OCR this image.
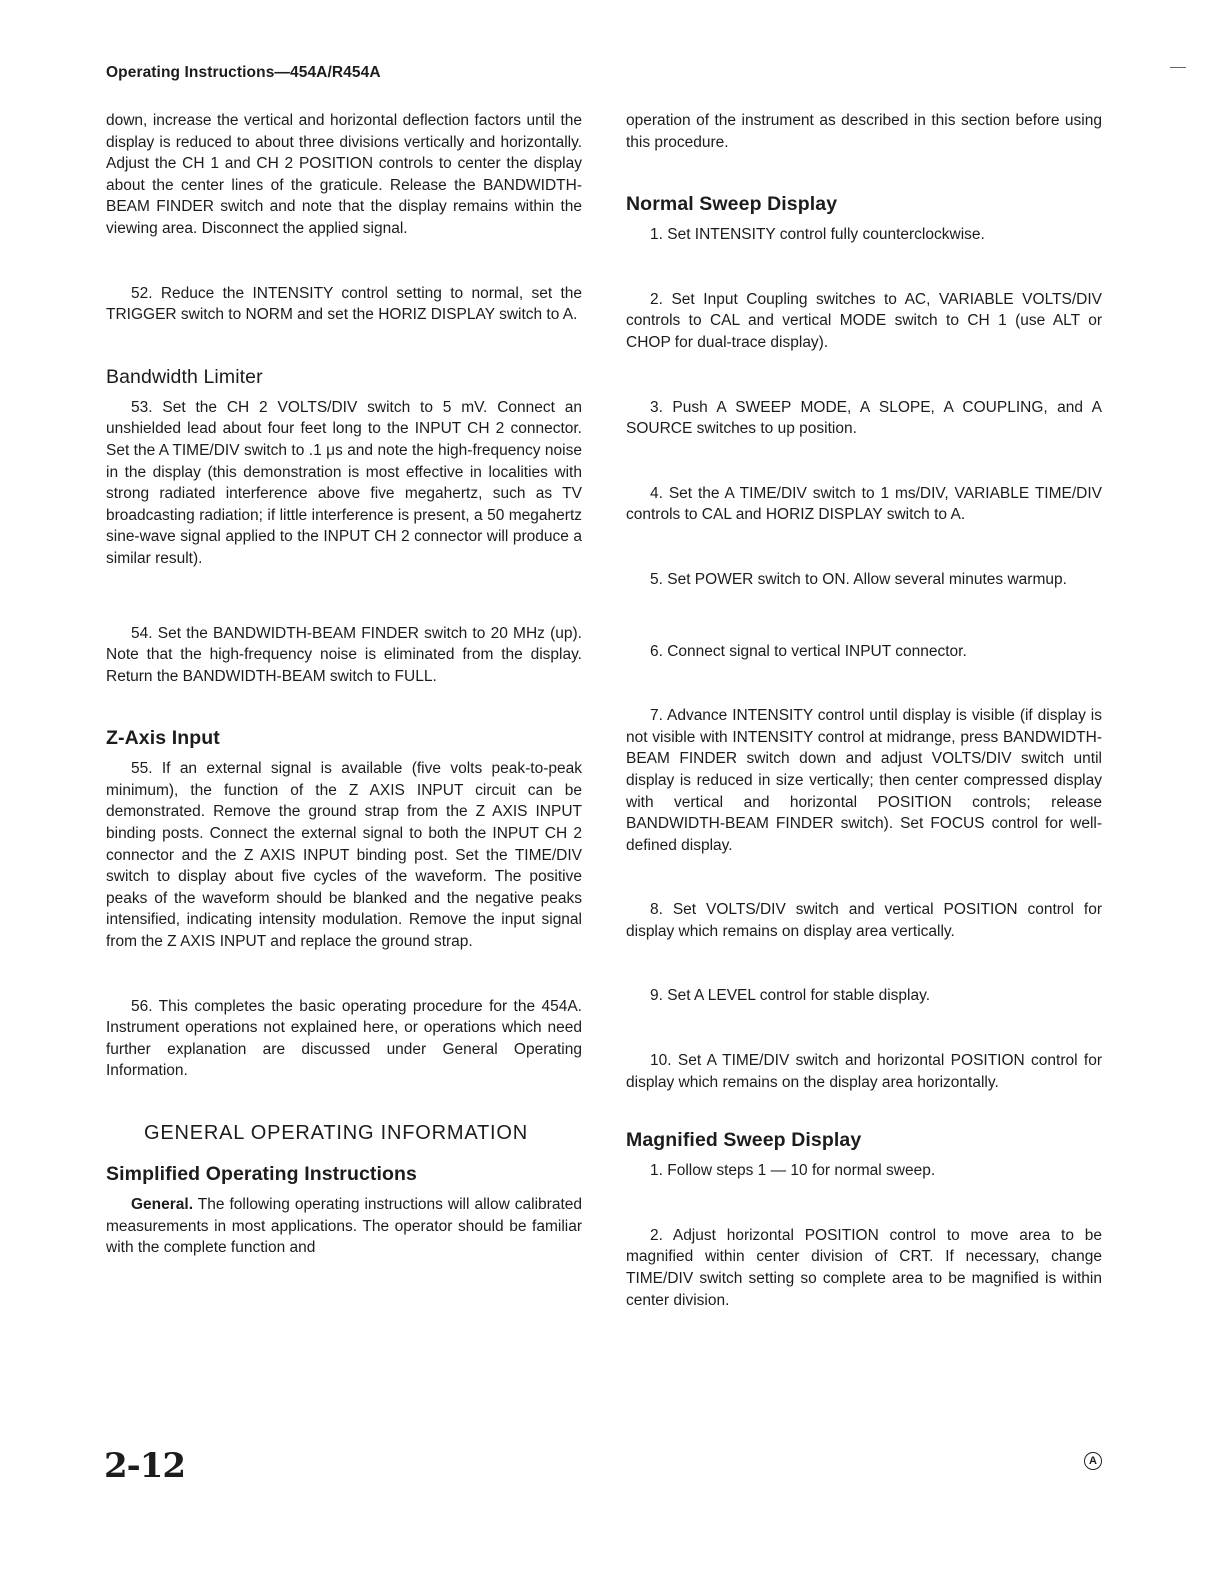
Operating Instructions—454A/R454A

down, increase the vertical and horizontal deflection factors until the display is reduced to about three divisions vertically and horizontally. Adjust the CH 1 and CH 2 POSITION controls to center the display about the center lines of the graticule. Release the BANDWIDTH-BEAM FINDER switch and note that the display remains within the viewing area. Disconnect the applied signal.

52. Reduce the INTENSITY control setting to normal, set the TRIGGER switch to NORM and set the HORIZ DISPLAY switch to A.

Bandwidth Limiter

53. Set the CH 2 VOLTS/DIV switch to 5 mV. Connect an unshielded lead about four feet long to the INPUT CH 2 connector. Set the A TIME/DIV switch to .1 μs and note the high-frequency noise in the display (this demonstration is most effective in localities with strong radiated interference above five megahertz, such as TV broadcasting radiation; if little interference is present, a 50 megahertz sine-wave signal applied to the INPUT CH 2 connector will produce a similar result).

54. Set the BANDWIDTH-BEAM FINDER switch to 20 MHz (up). Note that the high-frequency noise is eliminated from the display. Return the BANDWIDTH-BEAM switch to FULL.

Z-Axis Input

55. If an external signal is available (five volts peak-to-peak minimum), the function of the Z AXIS INPUT circuit can be demonstrated. Remove the ground strap from the Z AXIS INPUT binding posts. Connect the external signal to both the INPUT CH 2 connector and the Z AXIS INPUT binding post. Set the TIME/DIV switch to display about five cycles of the waveform. The positive peaks of the waveform should be blanked and the negative peaks intensified, indicating intensity modulation. Remove the input signal from the Z AXIS INPUT and replace the ground strap.

56. This completes the basic operating procedure for the 454A. Instrument operations not explained here, or operations which need further explanation are discussed under General Operating Information.

GENERAL OPERATING INFORMATION
Simplified Operating Instructions

General. The following operating instructions will allow calibrated measurements in most applications. The operator should be familiar with the complete function and

operation of the instrument as described in this section before using this procedure.

Normal Sweep Display

1. Set INTENSITY control fully counterclockwise.

2. Set Input Coupling switches to AC, VARIABLE VOLTS/DIV controls to CAL and vertical MODE switch to CH 1 (use ALT or CHOP for dual-trace display).

3. Push A SWEEP MODE, A SLOPE, A COUPLING, and A SOURCE switches to up position.

4. Set the A TIME/DIV switch to 1 ms/DIV, VARIABLE TIME/DIV controls to CAL and HORIZ DISPLAY switch to A.

5. Set POWER switch to ON. Allow several minutes warmup.

6. Connect signal to vertical INPUT connector.

7. Advance INTENSITY control until display is visible (if display is not visible with INTENSITY control at midrange, press BANDWIDTH-BEAM FINDER switch down and adjust VOLTS/DIV switch until display is reduced in size vertically; then center compressed display with vertical and horizontal POSITION controls; release BANDWIDTH-BEAM FINDER switch). Set FOCUS control for well-defined display.

8. Set VOLTS/DIV switch and vertical POSITION control for display which remains on display area vertically.

9. Set A LEVEL control for stable display.

10. Set A TIME/DIV switch and horizontal POSITION control for display which remains on the display area horizontally.

Magnified Sweep Display

1. Follow steps 1 — 10 for normal sweep.

2. Adjust horizontal POSITION control to move area to be magnified within center division of CRT. If necessary, change TIME/DIV switch setting so complete area to be magnified is within center division.

2-12	A
